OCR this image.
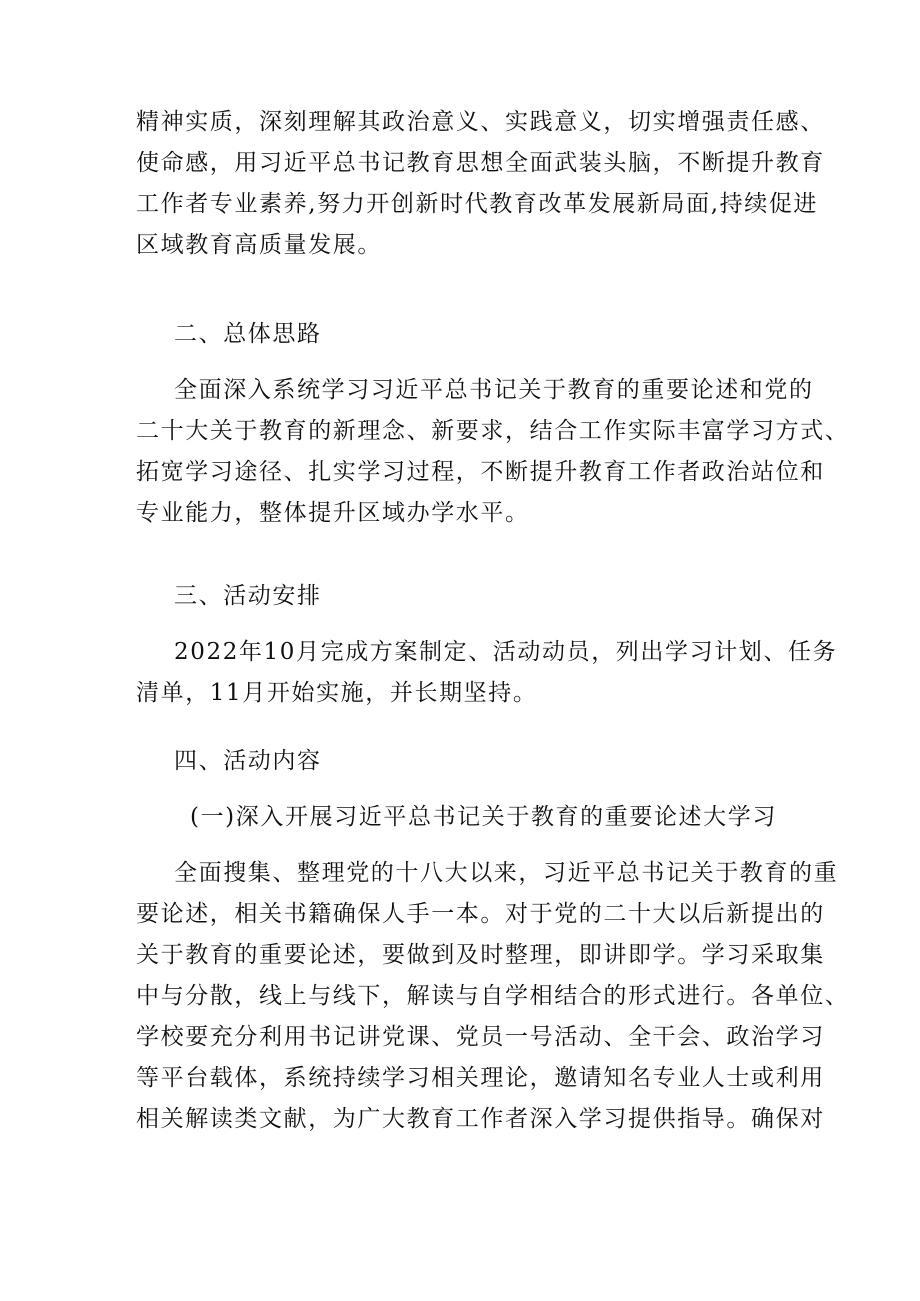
精神实质，深刻理解其政治意义、实践意义，切实增强责任感、
使命感，用习近平总书记教育思想全面武装头脑，不断提升教育
工作者专业素养,努力开创新时代教育改革发展新局面,持续促进
区域教育高质量发展。
二、总体思路
全面深入系统学习习近平总书记关于教育的重要论述和党的
二十大关于教育的新理念、新要求，结合工作实际丰富学习方式、
拓宽学习途径、扎实学习过程，不断提升教育工作者政治站位和
专业能力，整体提升区域办学水平。
三、活动安排
2022年10月完成方案制定、活动动员，列出学习计划、任务
清单，11月开始实施，并长期坚持。
四、活动内容
(一)深入开展习近平总书记关于教育的重要论述大学习
全面搜集、整理党的十八大以来，习近平总书记关于教育的重
要论述，相关书籍确保人手一本。对于党的二十大以后新提出的
关于教育的重要论述，要做到及时整理，即讲即学。学习采取集
中与分散，线上与线下，解读与自学相结合的形式进行。各单位、
学校要充分利用书记讲党课、党员一号活动、全干会、政治学习
等平台载体，系统持续学习相关理论，邀请知名专业人士或利用
相关解读类文献，为广大教育工作者深入学习提供指导。确保对
